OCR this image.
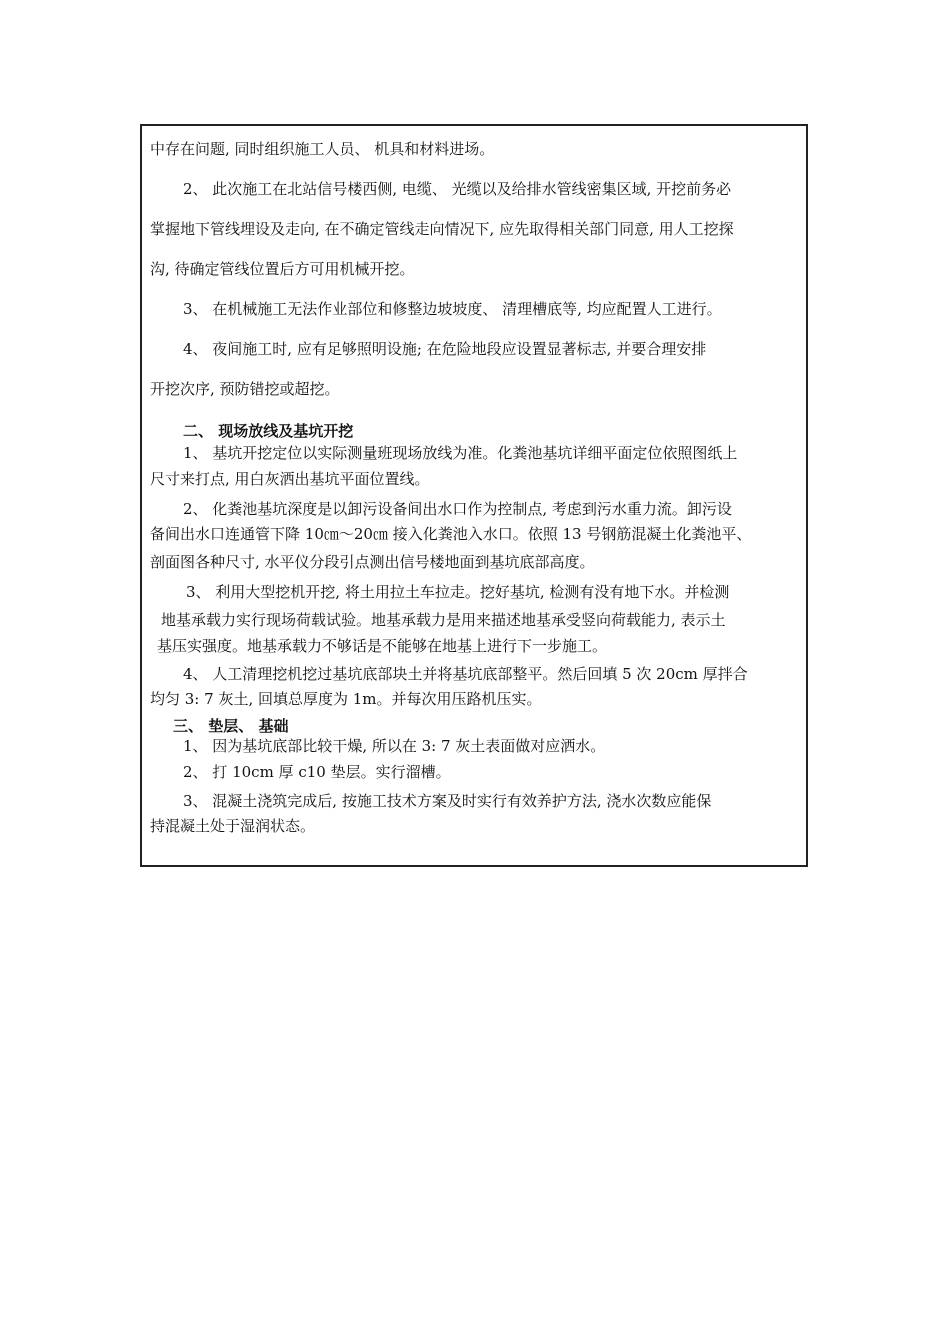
中存在问题, 同时组织施工人员、 机具和材料进场。
2、 此次施工在北站信号楼西侧, 电缆、 光缆以及给排水管线密集区域, 开挖前务必
掌握地下管线埋设及走向, 在不确定管线走向情况下, 应先取得相关部门同意, 用人工挖探
沟, 待确定管线位置后方可用机械开挖。
3、 在机械施工无法作业部位和修整边坡坡度、 清理槽底等, 均应配置人工进行。
4、 夜间施工时, 应有足够照明设施; 在危险地段应设置显著标志, 并要合理安排
开挖次序, 预防错挖或超挖。
二、 现场放线及基坑开挖
1、 基坑开挖定位以实际测量班现场放线为准。化粪池基坑详细平面定位依照图纸上
尺寸来打点, 用白灰洒出基坑平面位置线。
2、 化粪池基坑深度是以卸污设备间出水口作为控制点, 考虑到污水重力流。卸污设
备间出水口连通管下降 10㎝～20㎝ 接入化粪池入水口。依照 13 号钢筋混凝土化粪池平、
剖面图各种尺寸, 水平仪分段引点测出信号楼地面到基坑底部高度。
3、 利用大型挖机开挖, 将土用拉土车拉走。挖好基坑, 检测有没有地下水。并检测
地基承载力实行现场荷载试验。地基承载力是用来描述地基承受竖向荷载能力, 表示土
基压实强度。地基承载力不够话是不能够在地基上进行下一步施工。
4、 人工清理挖机挖过基坑底部块土并将基坑底部整平。然后回填 5 次 20cm 厚拌合
均匀 3: 7 灰土, 回填总厚度为 1m。并每次用压路机压实。
三、 垫层、 基础
1、 因为基坑底部比较干燥, 所以在 3: 7 灰土表面做对应洒水。
2、 打 10cm 厚 c10 垫层。实行溜槽。
3、 混凝土浇筑完成后, 按施工技术方案及时实行有效养护方法, 浇水次数应能保
持混凝土处于湿润状态。
